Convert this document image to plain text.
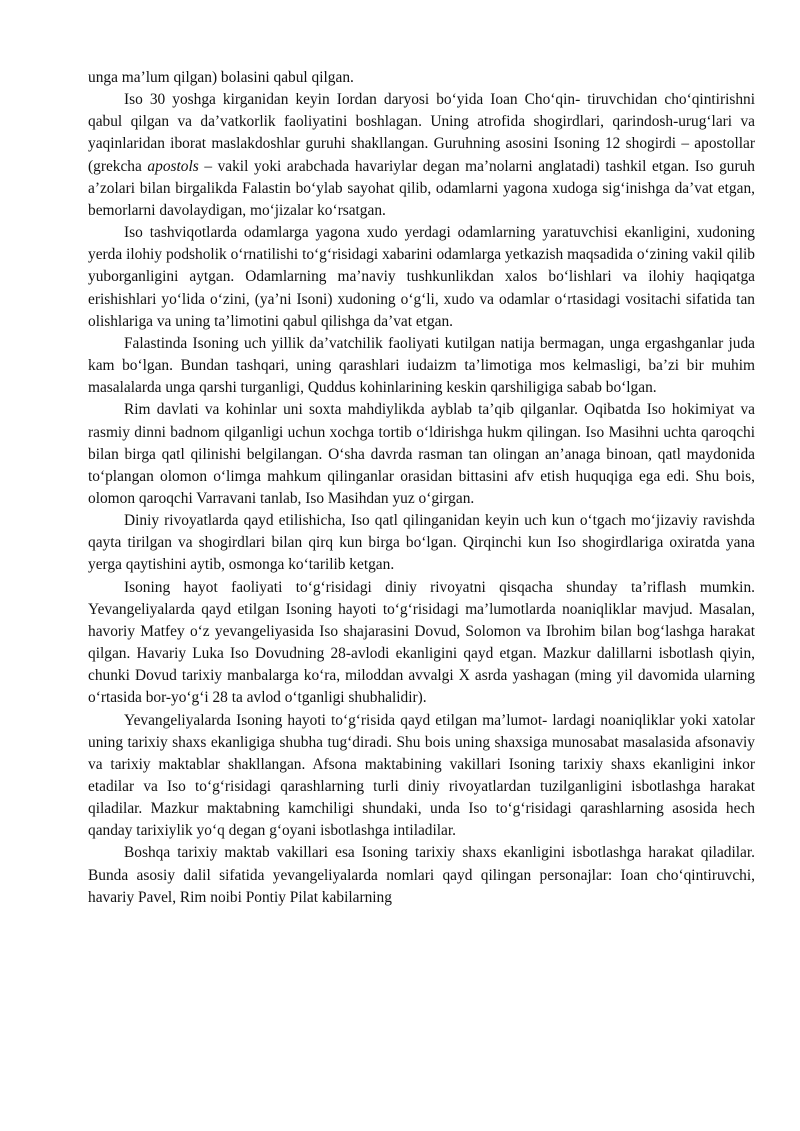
unga ma’lum qilgan) bolasini qabul qilgan.

Iso 30 yoshga kirganidan keyin Iordan daryosi bo‘yida Ioan Cho‘qin- tiruvchidan cho‘qintirishni qabul qilgan va da’vatkorlik faoliyatini boshlagan. Uning atrofida shogirdlari, qarindosh-urug‘lari va yaqinlaridan iborat maslakdoshlar guruhi shakllangan. Guruhning asosini Isoning 12 shogirdi – apostollar (grekcha apostols – vakil yoki arabchada havariylar degan ma’nolarni anglatadi) tashkil etgan. Iso guruh a’zolari bilan birgalikda Falastin bo‘ylab sayohat qilib, odamlarni yagona xudoga sig‘inishga da’vat etgan, bemorlarni davolaydigan, mo‘jizalar ko‘rsatgan.

Iso tashviqotlarda odamlarga yagona xudo yerdagi odamlarning yaratuvchisi ekanligini, xudoning yerda ilohiy podsholik o‘rnatilishi to‘g‘risidagi xabarini odamlarga yetkazish maqsadida o‘zining vakil qilib yuborganligini aytgan. Odamlarning ma’naviy tushkunlikdan xalos bo‘lishlari va ilohiy haqiqatga erishishlari yo‘lida o‘zini, (ya’ni Isoni) xudoning o‘g‘li, xudo va odamlar o‘rtasidagi vositachi sifatida tan olishlariga va uning ta’limotini qabul qilishga da’vat etgan.

Falastinda Isoning uch yillik da’vatchilik faoliyati kutilgan natija bermagan, unga ergashganlar juda kam bo‘lgan. Bundan tashqari, uning qarashlari iudaizm ta’limotiga mos kelmasligi, ba’zi bir muhim masalalarda unga qarshi turganligi, Quddus kohinlarining keskin qarshiligiga sabab bo‘lgan.

Rim davlati va kohinlar uni soxta mahdiylikda ayblab ta’qib qilganlar. Oqibatda Iso hokimiyat va rasmiy dinni badnom qilganligi uchun xochga tortib o‘ldirishga hukm qilingan. Iso Masihni uchta qaroqchi bilan birga qatl qilinishi belgilangan. O‘sha davrda rasman tan olingan an’anaga binoan, qatl maydonida to‘plangan olomon o‘limga mahkum qilinganlar orasidan bittasini afv etish huquqiga ega edi. Shu bois, olomon qaroqchi Varravani tanlab, Iso Masihdan yuz o‘girgan.

Diniy rivoyatlarda qayd etilishicha, Iso qatl qilinganidan keyin uch kun o‘tgach mo‘jizaviy ravishda qayta tirilgan va shogirdlari bilan qirq kun birga bo‘lgan. Qirqinchi kun Iso shogirdlariga oxiratda yana yerga qaytishini aytib, osmonga ko‘tarilib ketgan.

Isoning hayot faoliyati to‘g‘risidagi diniy rivoyatni qisqacha shunday ta’riflash mumkin. Yevangeliyalarda qayd etilgan Isoning hayoti to‘g‘risidagi ma’lumotlarda noaniqliklar mavjud. Masalan, havoriy Matfey o‘z yevangeliyasida Iso shajarasini Dovud, Solomon va Ibrohim bilan bog‘lashga harakat qilgan. Havariy Luka Iso Dovudning 28-avlodi ekanligini qayd etgan. Mazkur dalillarni isbotlash qiyin, chunki Dovud tarixiy manbalarga ko‘ra, miloddan avvalgi X asrda yashagan (ming yil davomida ularning o‘rtasida bor-yo‘g‘i 28 ta avlod o‘tganligi shubhalidir).

Yevangeliyalarda Isoning hayoti to‘g‘risida qayd etilgan ma’lumot- lardagi noaniqliklar yoki xatolar uning tarixiy shaxs ekanligiga shubha tug‘diradi. Shu bois uning shaxsiga munosabat masalasida afsonaviy va tarixiy maktablar shakllangan. Afsona maktabining vakillari Isoning tarixiy shaxs ekanligini inkor etadilar va Iso to‘g‘risidagi qarashlarning turli diniy rivoyatlardan tuzilganligini isbotlashga harakat qiladilar. Mazkur maktabning kamchiligi shundaki, unda Iso to‘g‘risidagi qarashlarning asosida hech qanday tarixiylik yo‘q degan g‘oyani isbotlashga intiladilar.

Boshqa tarixiy maktab vakillari esa Isoning tarixiy shaxs ekanligini isbotlashga harakat qiladilar. Bunda asosiy dalil sifatida yevangeliyalarda nomlari qayd qilingan personajlar: Ioan cho‘qintiruvchi, havariy Pavel, Rim noibi Pontiy Pilat kabilarning
